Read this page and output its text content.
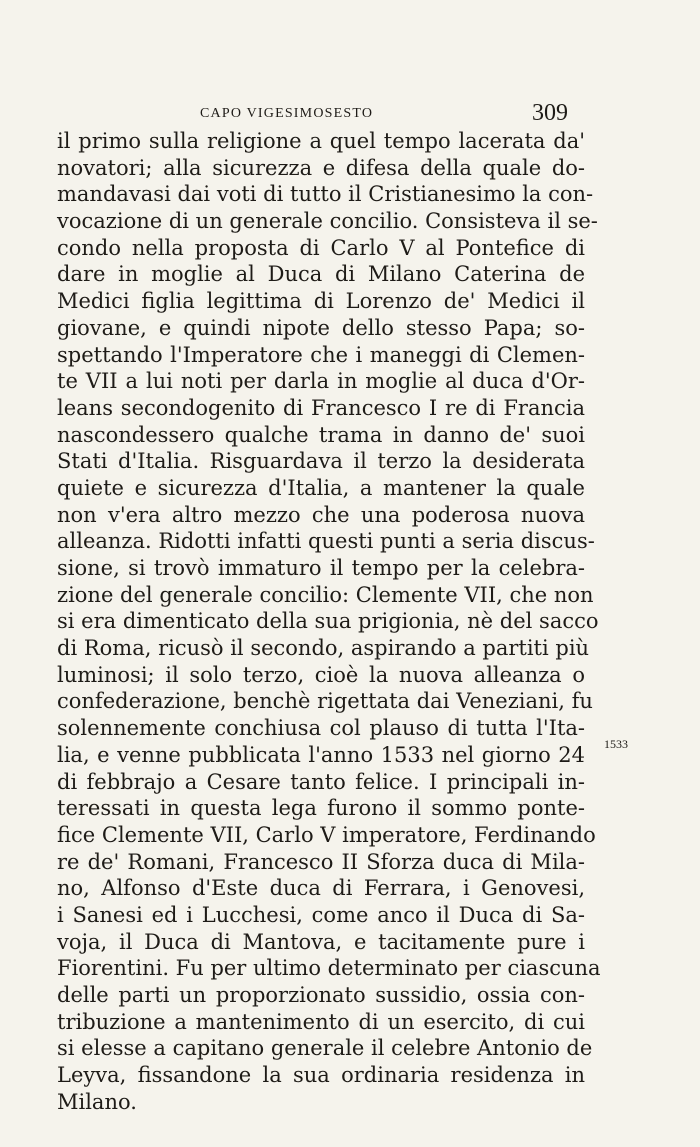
CAPO VIGESIMOSESTO	309
il primo sulla religione a quel tempo lacerata da'
novatori; alla sicurezza e difesa della quale do-
mandavasi dai voti di tutto il Cristianesimo la con-
vocazione di un generale concilio. Consisteva il se-
condo nella proposta di Carlo V al Pontefice di
dare in moglie al Duca di Milano Caterina de
Medici figlia legittima di Lorenzo de' Medici il
giovane, e quindi nipote dello stesso Papa; so-
spettando l'Imperatore che i maneggi di Clemen-
te VII a lui noti per darla in moglie al duca d'Or-
leans secondogenito di Francesco I re di Francia
nascondessero qualche trama in danno de' suoi
Stati d'Italia. Risguardava il terzo la desiderata
quiete e sicurezza d'Italia, a mantener la quale
non v'era altro mezzo che una poderosa nuova
alleanza. Ridotti infatti questi punti a seria discus-
sione, si trovò immaturo il tempo per la celebra-
zione del generale concilio: Clemente VII, che non
si era dimenticato della sua prigionia, nè del sacco
di Roma, ricusò il secondo, aspirando a partiti più
luminosi; il solo terzo, cioè la nuova alleanza o
confederazione, benchè rigettata dai Veneziani, fu
solennemente conchiusa col plauso di tutta l'Ita-
lia, e venne pubblicata l'anno 1533 nel giorno 24
di febbrajo a Cesare tanto felice. I principali in-
teressati in questa lega furono il sommo ponte-
fice Clemente VII, Carlo V imperatore, Ferdinando
re de' Romani, Francesco II Sforza duca di Mila-
no, Alfonso d'Este duca di Ferrara, i Genovesi,
i Sanesi ed i Lucchesi, come anco il Duca di Sa-
voja, il Duca di Mantova, e tacitamente pure i
Fiorentini. Fu per ultimo determinato per ciascuna
delle parti un proporzionato sussidio, ossia con-
tribuzione a mantenimento di un esercito, di cui
si elesse a capitano generale il celebre Antonio de
Leyva, fissandone la sua ordinaria residenza in
Milano.
1533
